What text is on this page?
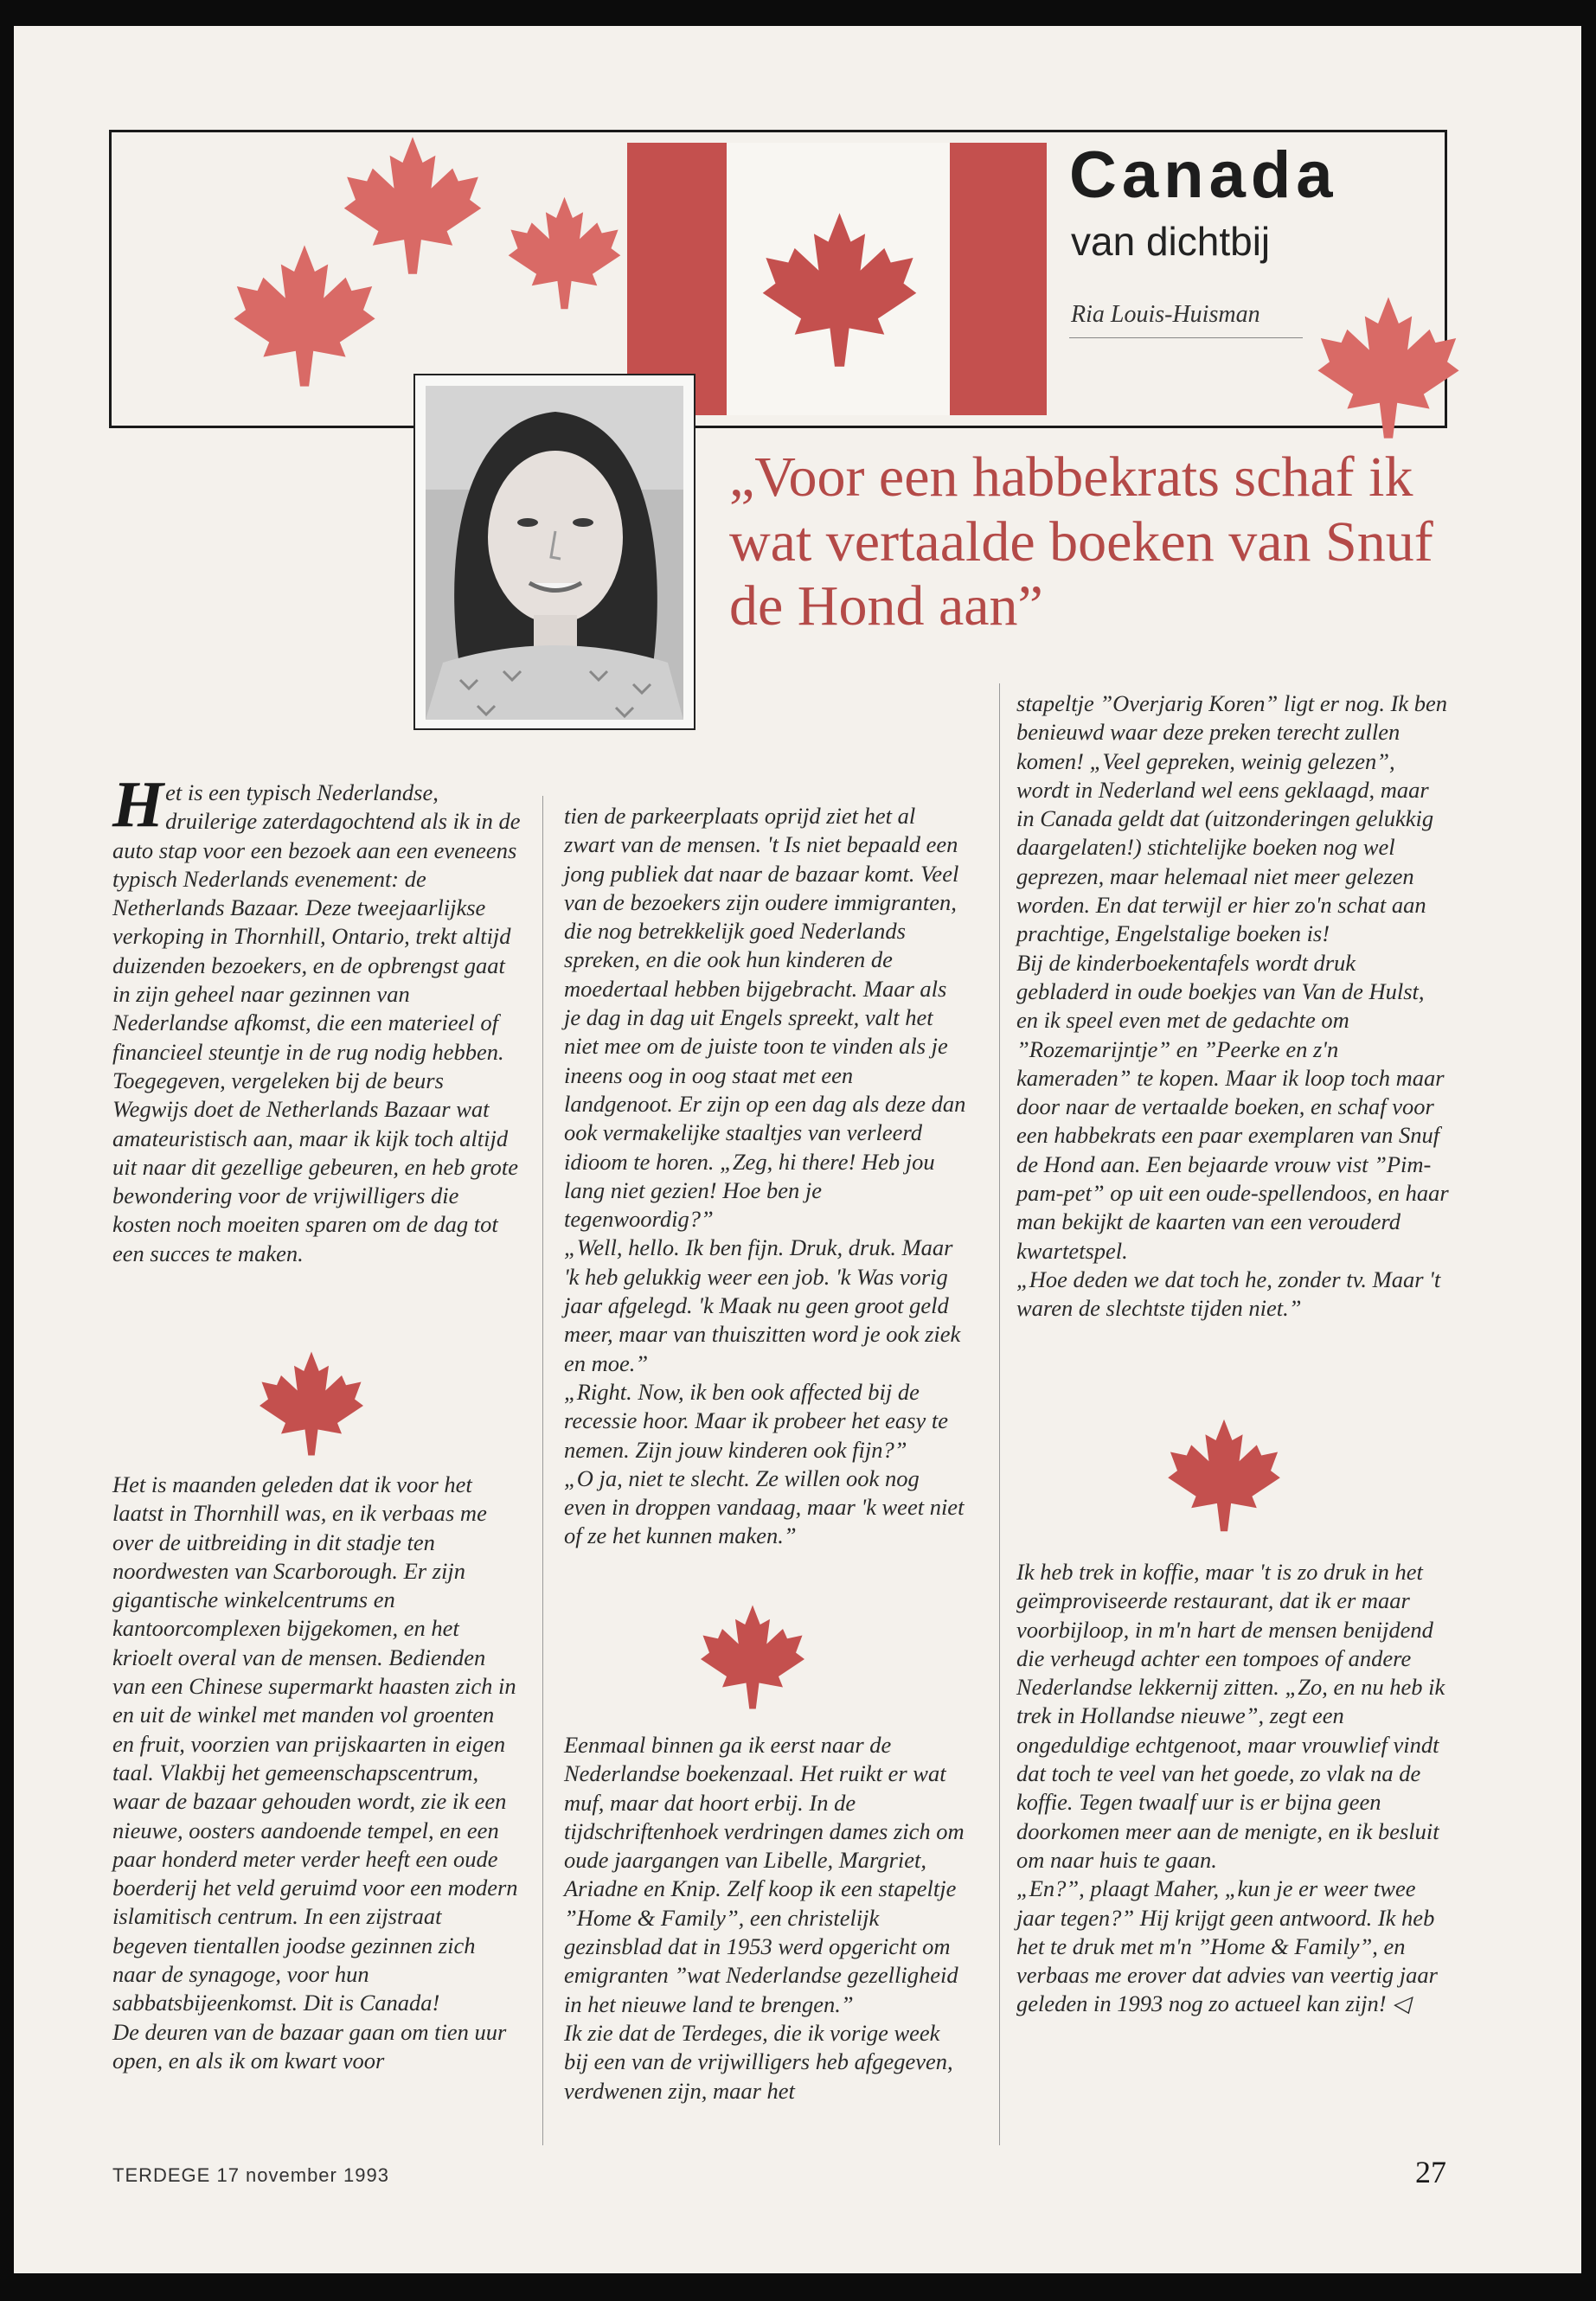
Canada
van dichtbij
Ria Louis-Huisman
„Voor een habbekrats schaf ik wat vertaalde boeken van Snuf de Hond aan”

Het is een typisch Nederlandse, druilerige zaterdagochtend als ik in de auto stap voor een bezoek aan een eveneens typisch Nederlands evenement: de Netherlands Bazaar. Deze tweejaarlijkse verkoping in Thornhill, Ontario, trekt altijd duizenden bezoekers, en de opbrengst gaat in zijn geheel naar gezinnen van Nederlandse afkomst, die een materieel of financieel steuntje in de rug nodig hebben. Toegegeven, vergeleken bij de beurs Wegwijs doet de Netherlands Bazaar wat amateuristisch aan, maar ik kijk toch altijd uit naar dit gezellige gebeuren, en heb grote bewondering voor de vrijwilligers die kosten noch moeiten sparen om de dag tot een succes te maken.

Het is maanden geleden dat ik voor het laatst in Thornhill was, en ik verbaas me over de uitbreiding in dit stadje ten noordwesten van Scarborough. Er zijn gigantische winkelcentrums en kantoorcomplexen bijgekomen, en het krioelt overal van de mensen. Bedienden van een Chinese supermarkt haasten zich in en uit de winkel met manden vol groenten en fruit, voorzien van prijskaarten in eigen taal. Vlakbij het gemeenschapscentrum, waar de bazaar gehouden wordt, zie ik een nieuwe, oosters aandoende tempel, en een paar honderd meter verder heeft een oude boerderij het veld geruimd voor een modern islamitisch centrum. In een zijstraat begeven tientallen joodse gezinnen zich naar de synagoge, voor hun sabbatsbijeenkomst. Dit is Canada!

De deuren van de bazaar gaan om tien uur open, en als ik om kwart voor

tien de parkeerplaats oprijd ziet het al zwart van de mensen. 't Is niet bepaald een jong publiek dat naar de bazaar komt. Veel van de bezoekers zijn oudere immigranten, die nog betrekkelijk goed Nederlands spreken, en die ook hun kinderen de moedertaal hebben bijgebracht. Maar als je dag in dag uit Engels spreekt, valt het niet mee om de juiste toon te vinden als je ineens oog in oog staat met een landgenoot. Er zijn op een dag als deze dan ook vermakelijke staaltjes van verleerd idioom te horen. „Zeg, hi there! Heb jou lang niet gezien! Hoe ben je tegenwoordig?”

„Well, hello. Ik ben fijn. Druk, druk. Maar 'k heb gelukkig weer een job. 'k Was vorig jaar afgelegd. 'k Maak nu geen groot geld meer, maar van thuiszitten word je ook ziek en moe.”

„Right. Now, ik ben ook affected bij de recessie hoor. Maar ik probeer het easy te nemen. Zijn jouw kinderen ook fijn?”

„O ja, niet te slecht. Ze willen ook nog even in droppen vandaag, maar 'k weet niet of ze het kunnen maken.”

Eenmaal binnen ga ik eerst naar de Nederlandse boekenzaal. Het ruikt er wat muf, maar dat hoort erbij. In de tijdschriftenhoek verdringen dames zich om oude jaargangen van Libelle, Margriet, Ariadne en Knip. Zelf koop ik een stapeltje ”Home & Family”, een christelijk gezinsblad dat in 1953 werd opgericht om emigranten ”wat Nederlandse gezelligheid in het nieuwe land te brengen.”

Ik zie dat de Terdeges, die ik vorige week bij een van de vrijwilligers heb afgegeven, verdwenen zijn, maar het

stapeltje ”Overjarig Koren” ligt er nog. Ik ben benieuwd waar deze preken terecht zullen komen! „Veel gepreken, weinig gelezen”, wordt in Nederland wel eens geklaagd, maar in Canada geldt dat (uitzonderingen gelukkig daargelaten!) stichtelijke boeken nog wel geprezen, maar helemaal niet meer gelezen worden. En dat terwijl er hier zo'n schat aan prachtige, Engelstalige boeken is!

Bij de kinderboekentafels wordt druk gebladerd in oude boekjes van Van de Hulst, en ik speel even met de gedachte om ”Rozemarijntje” en ”Peerke en z'n kameraden” te kopen. Maar ik loop toch maar door naar de vertaalde boeken, en schaf voor een habbekrats een paar exemplaren van Snuf de Hond aan. Een bejaarde vrouw vist ”Pim-pam-pet” op uit een oude-spellendoos, en haar man bekijkt de kaarten van een verouderd kwartetspel.

„Hoe deden we dat toch he, zonder tv. Maar 't waren de slechtste tijden niet.”

Ik heb trek in koffie, maar 't is zo druk in het geïmproviseerde restaurant, dat ik er maar voorbijloop, in m'n hart de mensen benijdend die verheugd achter een tompoes of andere Nederlandse lekkernij zitten. „Zo, en nu heb ik trek in Hollandse nieuwe”, zegt een ongeduldige echtgenoot, maar vrouwlief vindt dat toch te veel van het goede, zo vlak na de koffie. Tegen twaalf uur is er bijna geen doorkomen meer aan de menigte, en ik besluit om naar huis te gaan.

„En?”, plaagt Maher, „kun je er weer twee jaar tegen?” Hij krijgt geen antwoord. Ik heb het te druk met m'n ”Home & Family”, en verbaas me erover dat advies van veertig jaar geleden in 1993 nog zo actueel kan zijn! ◁

TERDEGE 17 november 1993	27
